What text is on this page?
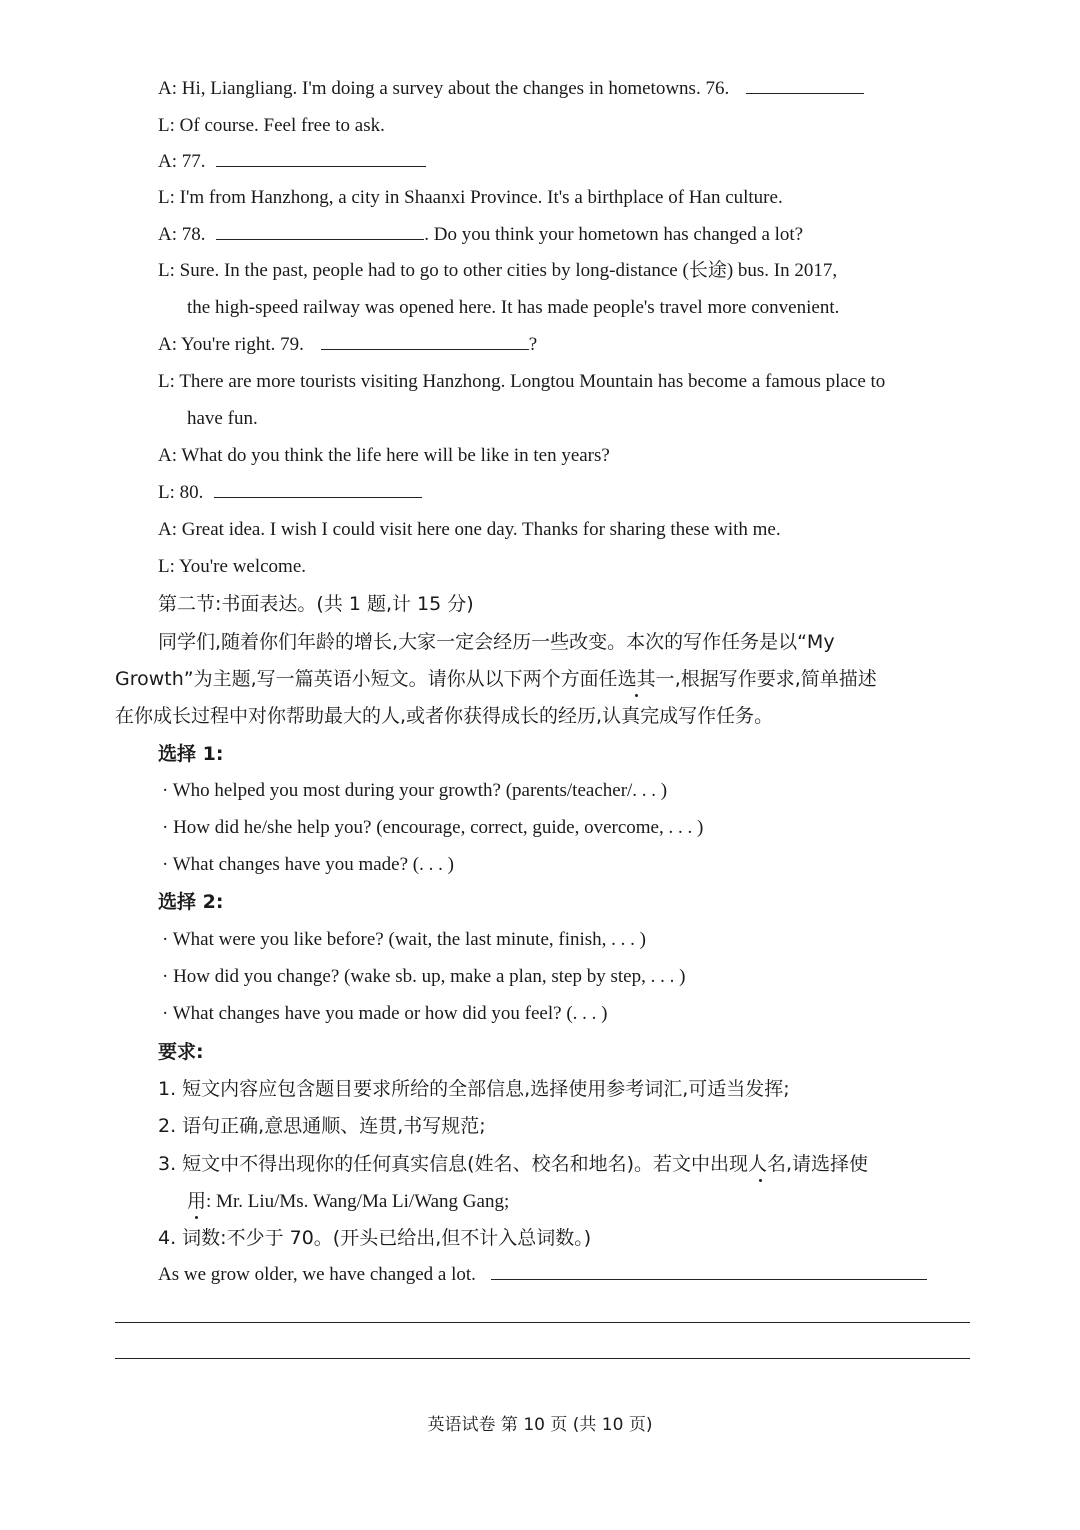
A: Hi, Liangliang. I'm doing a survey about the changes in hometowns. 76.
L: Of course. Feel free to ask.
A: 77.
L: I'm from Hanzhong, a city in Shaanxi Province. It's a birthplace of Han culture.
A: 78.	. Do you think your hometown has changed a lot?
L: Sure. In the past, people had to go to other cities by long-distance (长途) bus. In 2017,
the high-speed railway was opened here. It has made people's travel more convenient.
A: You're right. 79.	?
L: There are more tourists visiting Hanzhong. Longtou Mountain has become a famous place to
have fun.
A: What do you think the life here will be like in ten years?
L: 80.
A: Great idea. I wish I could visit here one day. Thanks for sharing these with me.
L: You're welcome.
第二节:书面表达。(共 1 题,计 15 分)
同学们,随着你们年龄的增长,大家一定会经历一些改变。本次的写作任务是以“My
Growth”为主题,写一篇英语小短文。请你从以下两个方面任选其一,根据写作要求,简单描述
在你成长过程中对你帮助最大的人,或者你获得成长的经历,认真完成写作任务。
选择 1:
· Who helped you most during your growth? (parents/teacher/. . . )
· How did he/she help you? (encourage, correct, guide, overcome, . . . )
· What changes have you made? (. . . )
选择 2:
· What were you like before? (wait, the last minute, finish, . . . )
· How did you change? (wake sb. up, make a plan, step by step, . . . )
· What changes have you made or how did you feel? (. . . )
要求:
1. 短文内容应包含题目要求所给的全部信息,选择使用参考词汇,可适当发挥;
2. 语句正确,意思通顺、连贯,书写规范;
3. 短文中不得出现你的任何真实信息(姓名、校名和地名)。若文中出现人名,请选择使
用: Mr. Liu/Ms. Wang/Ma Li/Wang Gang;
4. 词数:不少于 70。(开头已给出,但不计入总词数。)
As we grow older, we have changed a lot.
英语试卷 第 10 页 (共 10 页)
